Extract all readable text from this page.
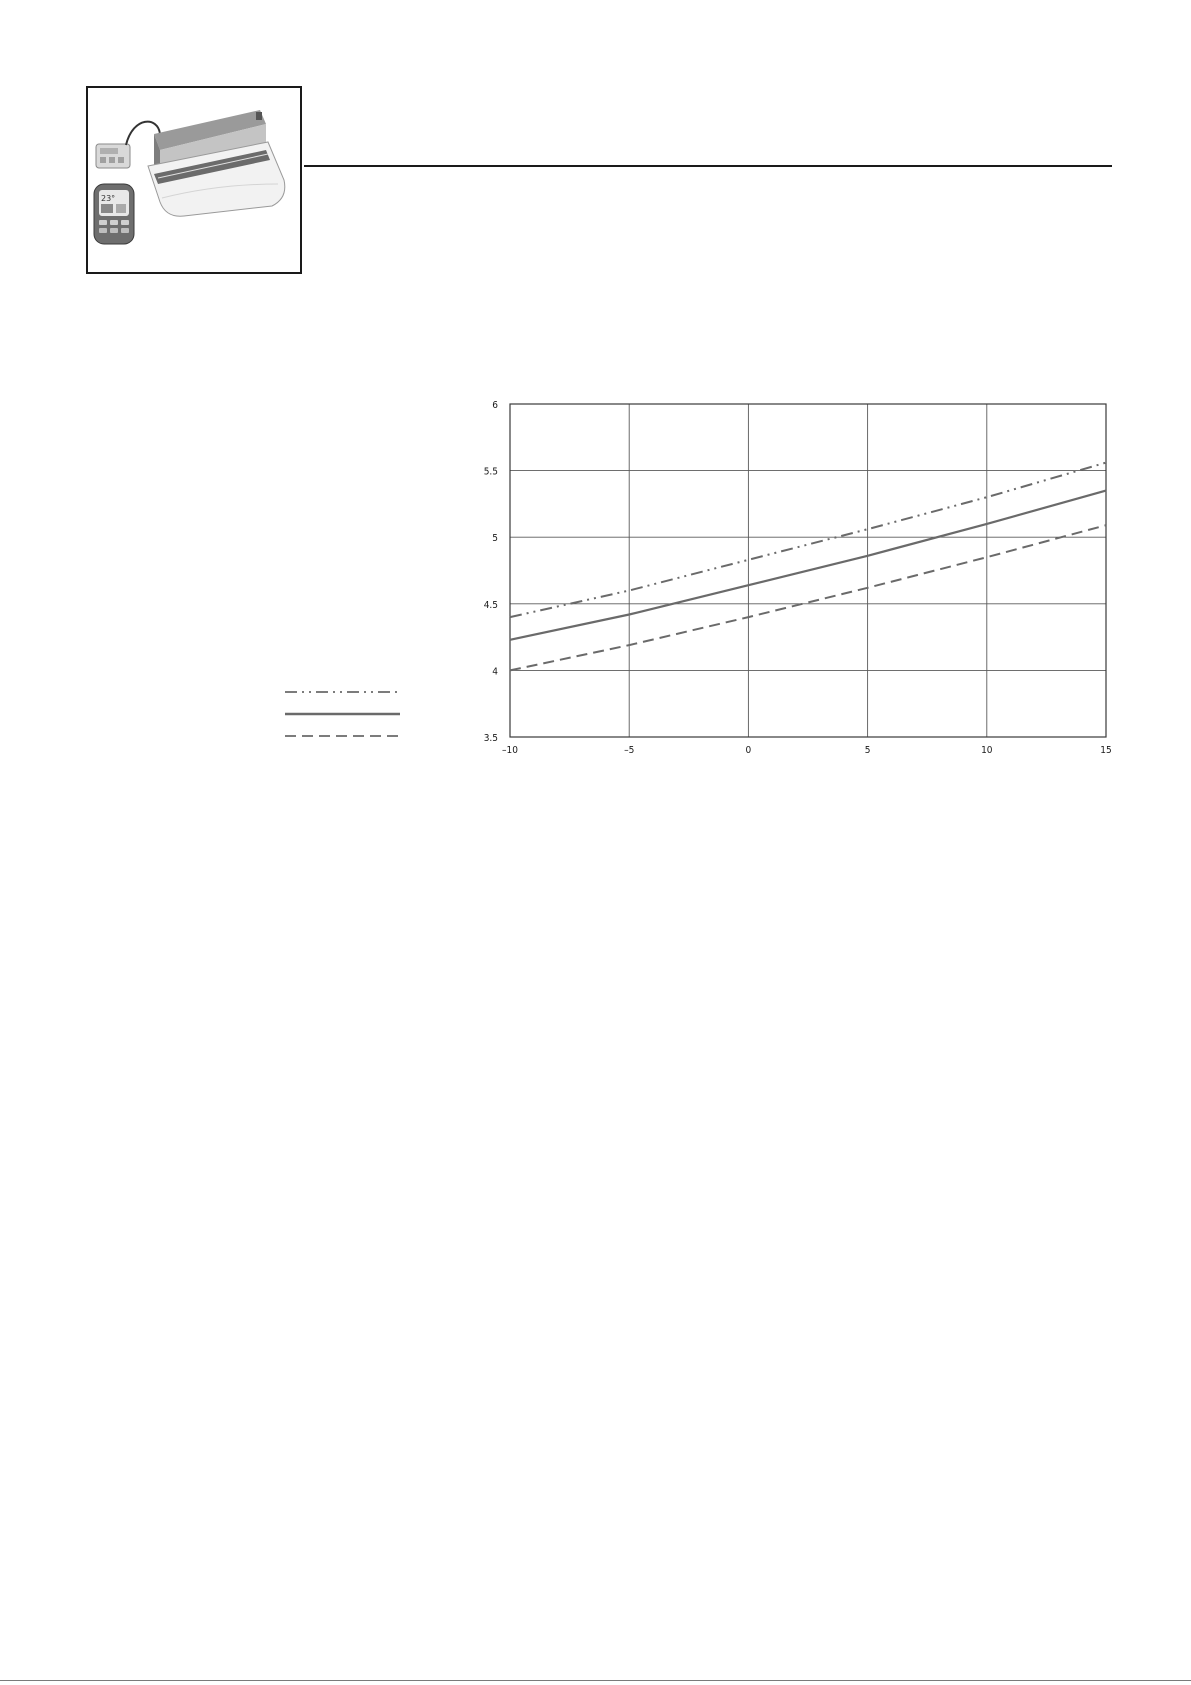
23°
–10	–5	0	5	10	15
3.5
4
4.5
5
5.5
6
